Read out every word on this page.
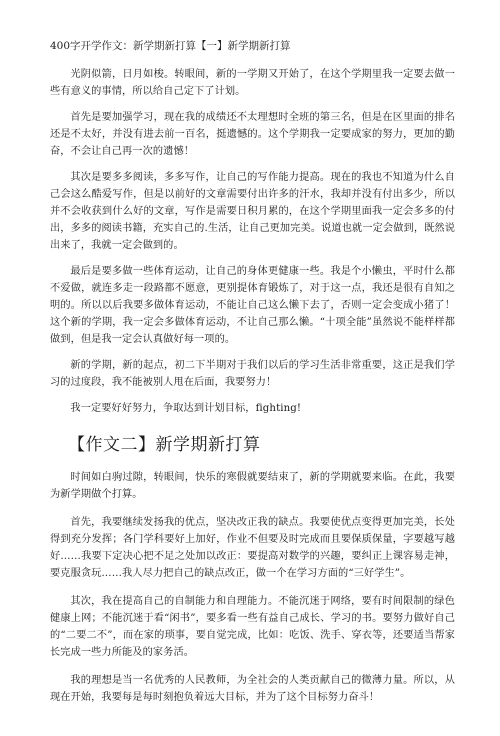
400字开学作文：新学期新打算【一】新学期新打算

光阴似箭，日月如梭。转眼间，新的一学期又开始了，在这个学期里我一定要去做一些有意义的事情，所以给自己定下了计划。

首先是要加强学习，现在我的成绩还不太理想时全班的第三名，但是在区里面的排名还是不太好，并没有进去前一百名，挺遗憾的。这个学期我一定要成家的努力，更加的勤奋，不会让自己再一次的遗憾！

其次是要多多阅读，多多写作，让自己的写作能力提高。现在的我也不知道为什么自己会这么酷爱写作，但是以前好的文章需要付出许多的汗水，我却并没有付出多少，所以并不会收获到什么好的文章，写作是需要日积月累的，在这个学期里面我一定会多多的付出，多多的阅读书籍，充实自己的.生活，让自己更加完美。说道也就一定会做到，既然说出来了，我就一定会做到的。

最后是要多做一些体育运动，让自己的身体更健康一些。我是个小懒虫，平时什么都不爱做，就连多走一段路都不愿意，更别提体育锻炼了，对于这一点，我还是很有自知之明的。所以以后我要多做体育运动，不能让自己这么懒下去了，否则一定会变成小猪了！这个新的学期，我一定会多做体育运动，不让自己那么懒。“十项全能”虽然说不能样样都做到，但是我一定会认真做好每一项的。

新的学期，新的起点，初二下半期对于我们以后的学习生活非常重要，这正是我们学习的过度段，我不能被别人甩在后面，我要努力！

我一定要好好努力，争取达到计划目标，fighting!

【作文二】新学期新打算

时间如白驹过隙，转眼间，快乐的寒假就要结束了，新的学期就要来临。在此，我要为新学期做个打算。

首先，我要继续发扬我的优点，坚决改正我的缺点。我要使优点变得更加完美，长处得到充分发挥；各门学科要好上加好，作业不但要及时完成而且要保质保量，字要越写越好……我要下定决心把不足之处加以改正：要提高对数学的兴趣，要纠正上课容易走神，要克服贪玩……我人尽力把自己的缺点改正，做一个在学习方面的“三好学生”。

其次，我在提高自己的自制能力和自理能力。不能沉迷于网络，要有时间限制的绿色健康上网；不能沉迷于看“闲书”，要多看一些有益自己成长、学习的书。要努力做好自己的“二要二不”，而在家的琐事，要自觉完成，比如：吃饭、洗手、穿衣等，还要适当帮家长完成一些力所能及的家务活。

我的理想是当一名优秀的人民教师，为全社会的人类贡献自己的微薄力量。所以，从现在开始，我要每是每时刻抱负着远大目标，并为了这个目标努力奋斗！
